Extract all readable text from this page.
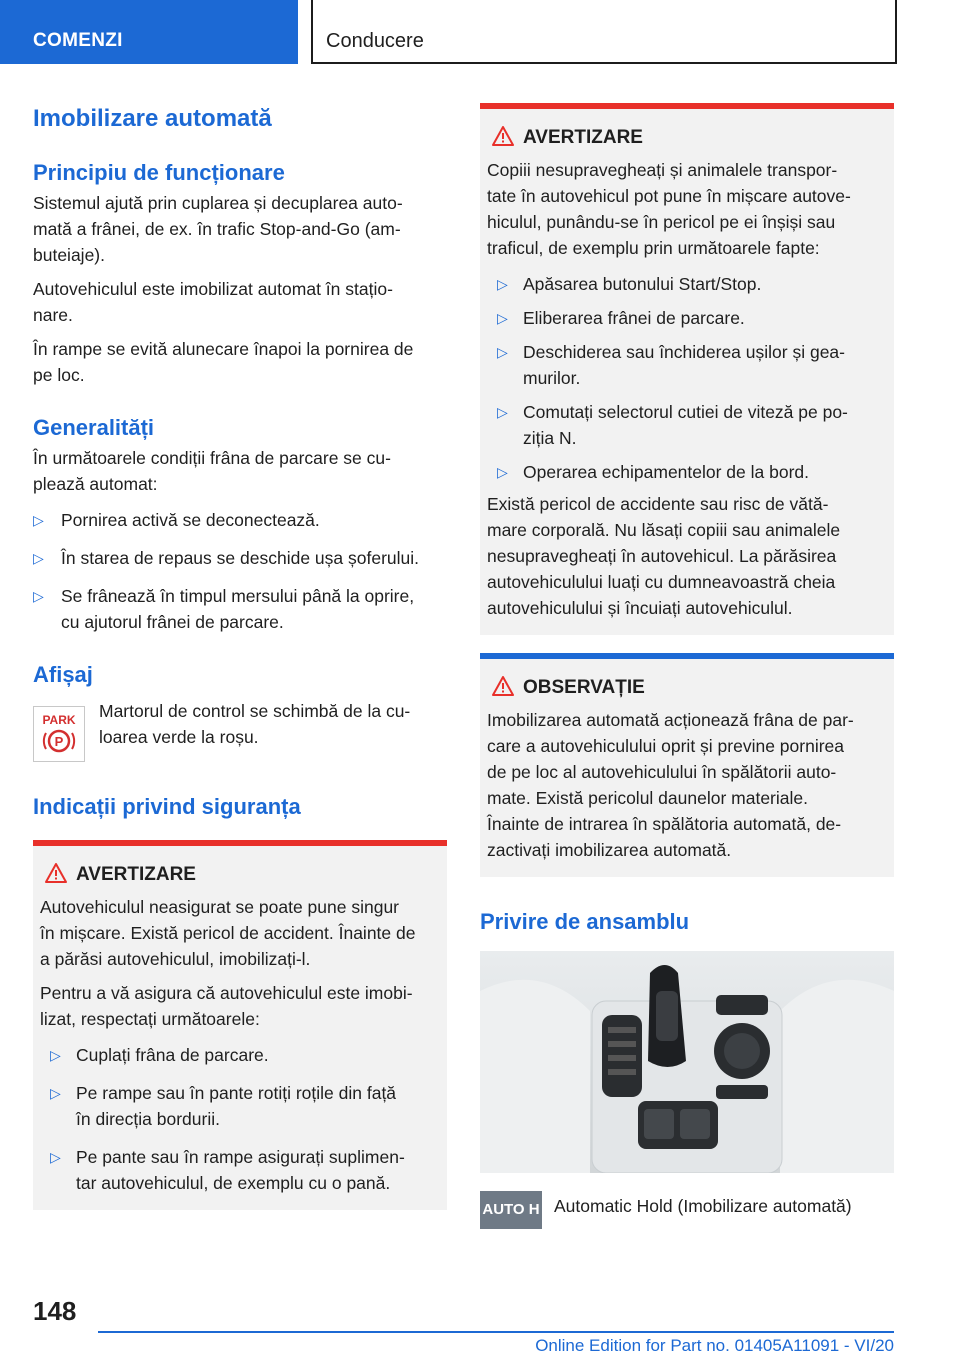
COMENZI	Conducere
Imobilizare automată
Principiu de funcționare

Sistemul ajută prin cuplarea și decuplarea auto-
mată a frânei, de ex. în trafic Stop-and-Go (am-
buteiaje).

Autovehiculul este imobilizat automat în stațio-
nare.

În rampe se evită alunecare înapoi la pornirea de
pe loc.

Generalități

În următoarele condiții frâna de parcare se cu-
plează automat:

▷ Pornirea activă se deconectează.
▷ În starea de repaus se deschide ușa șoferului.
▷ Se frânează în timpul mersului până la oprire,
cu ajutorul frânei de parcare.
Afișaj
PARK
P

Martorul de control se schimbă de la cu-
loarea verde la roșu.

Indicații privind siguranța
AVERTIZARE

Autovehiculul neasigurat se poate pune singur
în mișcare. Există pericol de accident. Înainte de
a părăsi autovehiculul, imobilizați-l.

Pentru a vă asigura că autovehiculul este imobi-
lizat, respectați următoarele:

▷ Cuplați frâna de parcare.
▷ Pe rampe sau în pante rotiți roțile din față
în direcția bordurii.
▷ Pe pante sau în rampe asigurați suplimen-
tar autovehiculul, de exemplu cu o pană.
AVERTIZARE

Copiii nesupravegheați și animalele transpor-
tate în autovehicul pot pune în mișcare autove-
hiculul, punându-se în pericol pe ei înșiși sau
traficul, de exemplu prin următoarele fapte:

▷ Apăsarea butonului Start/Stop.
▷ Eliberarea frânei de parcare.
▷ Deschiderea sau închiderea ușilor și gea-
murilor.
▷ Comutați selectorul cutiei de viteză pe po-
ziția N.
▷ Operarea echipamentelor de la bord.

Există pericol de accidente sau risc de vătă-
mare corporală. Nu lăsați copiii sau animalele
nesupravegheați în autovehicul. La părăsirea
autovehiculului luați cu dumneavoastră cheia
autovehiculului și încuiați autovehiculul.

OBSERVAȚIE

Imobilizarea automată acționează frâna de par-
care a autovehiculului oprit și previne pornirea
de pe loc al autovehiculului în spălătorii auto-
mate. Există pericolul daunelor materiale.
Înainte de intrarea în spălătoria automată, de-
zactivați imobilizarea automată.

Privire de ansamblu
AUTO H Automatic Hold (Imobilizare automată)
148
Online Edition for Part no. 01405A11091 - VI/20
